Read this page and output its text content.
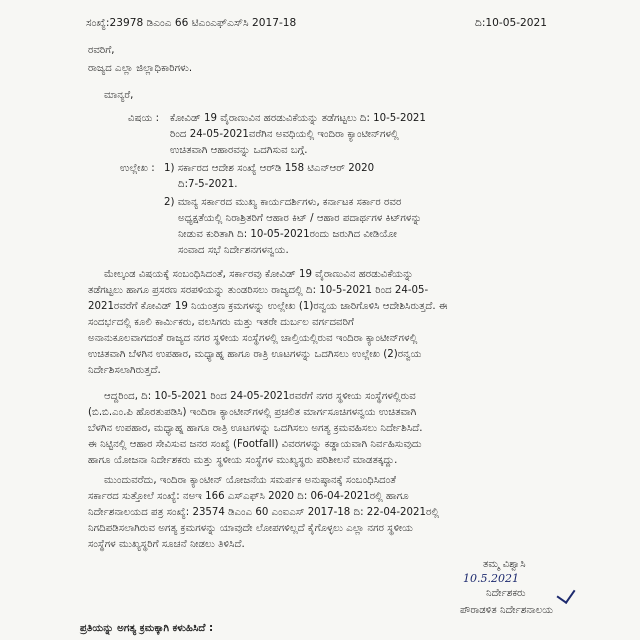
ಸಂಖ್ಯೆ:23978 ಡಿಎಂಎ 66 ಟಿಎಂಎಫ್ಎಸ್‌ಸಿ 2017-18	ದಿ:10-05-2021
ರವರಿಗೆ,
ರಾಜ್ಯದ ಎಲ್ಲಾ ಜಿಲ್ಲಾಧಿಕಾರಿಗಳು.
ಮಾನ್ಯರೆ,
ವಿಷಯ : ಕೋವಿಡ್ 19 ವೈರಾಣುವಿನ ಹರಡುವಿಕೆಯನ್ನು ತಡೆಗಟ್ಟಲು ದಿ: 10-5-2021
ರಿಂದ 24-05-2021ವರೆಗಿನ ಅವಧಿಯಲ್ಲಿ ಇಂದಿರಾ ಕ್ಯಾಂಟೀನ್‌ಗಳಲ್ಲಿ
ಉಚಿತವಾಗಿ ಆಹಾರವನ್ನು ಒದಗಿಸುವ ಬಗ್ಗೆ.
ಉಲ್ಲೇಖ : 1) ಸರ್ಕಾರದ ಆದೇಶ ಸಂಖ್ಯೆ ಆರ್‌ಡಿ 158 ಟಿಎನ್‌ಆರ್ 2020
ದಿ:7-5-2021.
2) ಮಾನ್ಯ ಸರ್ಕಾರದ ಮುಖ್ಯ ಕಾರ್ಯದರ್ಶಿಗಳು, ಕರ್ನಾಟಕ ಸರ್ಕಾರ ರವರ
ಅಧ್ಯಕ್ಷತೆಯಲ್ಲಿ ನಿರಾಶ್ರಿತರಿಗೆ ಆಹಾರ ಕಿಟ್ / ಆಹಾರ ಪದಾರ್ಥಗಳ ಕಿಟ್‌ಗಳನ್ನು
ನೀಡುವ ಕುರಿತಾಗಿ ದಿ: 10-05-2021ರಂದು ಜರುಗಿದ ವೀಡಿಯೋ
ಸಂವಾದ ಸಭೆ ನಿರ್ದೇಶನಗಳನ್ವಯ.
ಮೇಲ್ಕಂಡ ವಿಷಯಕ್ಕೆ ಸಂಬಂಧಿಸಿದಂತೆ, ಸರ್ಕಾರವು ಕೋವಿಡ್ 19 ವೈರಾಣುವಿನ ಹರಡುವಿಕೆಯನ್ನು
ತಡೆಗಟ್ಟಲು ಹಾಗೂ ಪ್ರಸರಣ ಸರಪಳಿಯನ್ನು ತುಂಡರಿಸಲು ರಾಜ್ಯದಲ್ಲಿ ದಿ: 10-5-2021 ರಿಂದ 24-05-
2021ರವರೆಗೆ ಕೋವಿಡ್ 19 ನಿಯಂತ್ರಣ ಕ್ರಮಗಳನ್ನು ಉಲ್ಲೇಖ (1)ರನ್ವಯ ಜಾರಿಗೊಳಿಸಿ ಆದೇಶಿಸಿರುತ್ತದೆ. ಈ
ಸಂದರ್ಭದಲ್ಲಿ ಕೂಲಿ ಕಾರ್ಮಿಕರು, ವಲಸಿಗರು ಮತ್ತು ಇತರೇ ದುರ್ಬಲ ವರ್ಗದವರಿಗೆ
ಅನಾನುಕೂಲವಾಗದಂತೆ ರಾಜ್ಯದ ನಗರ ಸ್ಥಳೀಯ ಸಂಸ್ಥೆಗಳಲ್ಲಿ ಚಾಲ್ತಿಯಲ್ಲಿರುವ ಇಂದಿರಾ ಕ್ಯಾಂಟೀನ್‌ಗಳಲ್ಲಿ
ಉಚಿತವಾಗಿ ಬೆಳಗಿನ ಉಪಹಾರ, ಮಧ್ಯಾಹ್ನ ಹಾಗೂ ರಾತ್ರಿ ಊಟಗಳನ್ನು ಒದಗಿಸಲು ಉಲ್ಲೇಖ (2)ರನ್ವಯ
ನಿರ್ದೇಶಿಸಲಾಗಿರುತ್ತದೆ.
ಆದ್ದರಿಂದ, ದಿ: 10-5-2021 ರಿಂದ 24-05-2021ರವರೆಗೆ ನಗರ ಸ್ಥಳೀಯ ಸಂಸ್ಥೆಗಳಲ್ಲಿರುವ
(ಬಿ.ಬಿ.ಎಂ.ಪಿ ಹೊರತುಪಡಿಸಿ) ಇಂದಿರಾ ಕ್ಯಾಂಟೀನ್‌ಗಳಲ್ಲಿ ಪ್ರಚಲಿತ ಮಾರ್ಗಸೂಚಿಗಳನ್ವಯ ಉಚಿತವಾಗಿ
ಬೆಳಗಿನ ಉಪಹಾರ, ಮಧ್ಯಾಹ್ನ ಹಾಗೂ ರಾತ್ರಿ ಊಟಗಳನ್ನು ಒದಗಿಸಲು ಅಗತ್ಯ ಕ್ರಮವಹಿಸಲು ನಿರ್ದೇಶಿಸಿದೆ.
ಈ ನಿಟ್ಟಿನಲ್ಲಿ ಆಹಾರ ಸೇವಿಸುವ ಜನರ ಸಂಖ್ಯೆ (Footfall) ವಿವರಗಳನ್ನು ಕಡ್ಡಾಯವಾಗಿ ನಿರ್ವಹಿಸುವುದು
ಹಾಗೂ ಯೋಜನಾ ನಿರ್ದೇಶಕರು ಮತ್ತು ಸ್ಥಳೀಯ ಸಂಸ್ಥೆಗಳ ಮುಖ್ಯಸ್ಥರು ಪರಿಶೀಲನೆ ಮಾಡತಕ್ಕದ್ದು.
ಮುಂದುವರೆದು, ಇಂದಿರಾ ಕ್ಯಾಂಟೀನ್ ಯೋಜನೆಯ ಸಮರ್ಪಕ ಅನುಷ್ಠಾನಕ್ಕೆ ಸಂಬಂಧಿಸಿದಂತೆ
ಸರ್ಕಾರದ ಸುತ್ತೋಲೆ ಸಂಖ್ಯೆ: ನಅಇ 166 ಎಸ್‌ಎಫ್‌ಸಿ 2020 ದಿ: 06-04-2021ರಲ್ಲಿ ಹಾಗೂ
ನಿರ್ದೇಶನಾಲಯದ ಪತ್ರ ಸಂಖ್ಯೆ: 23574 ಡಿಎಂಎ 60 ಎಂಐಎಸ್ 2017-18 ದಿ: 22-04-2021ರಲ್ಲಿ
ನಿಗದಿಪಡಿಸಲಾಗಿರುವ ಅಗತ್ಯ ಕ್ರಮಗಳನ್ನು ಯಾವುದೇ ಲೋಪಗಳಿಲ್ಲದೆ ಕೈಗೊಳ್ಳಲು ಎಲ್ಲಾ ನಗರ ಸ್ಥಳೀಯ
ಸಂಸ್ಥೆಗಳ ಮುಖ್ಯಸ್ಥರಿಗೆ ಸೂಚನೆ ನೀಡಲು ತಿಳಿಸಿದೆ.
ತಮ್ಮ ವಿಶ್ವಾಸಿ
10.5.2021
ನಿರ್ದೇಶಕರು
ಪೌರಾಡಳಿತ ನಿರ್ದೇಶನಾಲಯ
ಪ್ರತಿಯನ್ನು ಅಗತ್ಯ ಕ್ರಮಕ್ಕಾಗಿ ಕಳುಹಿಸಿದೆ :
